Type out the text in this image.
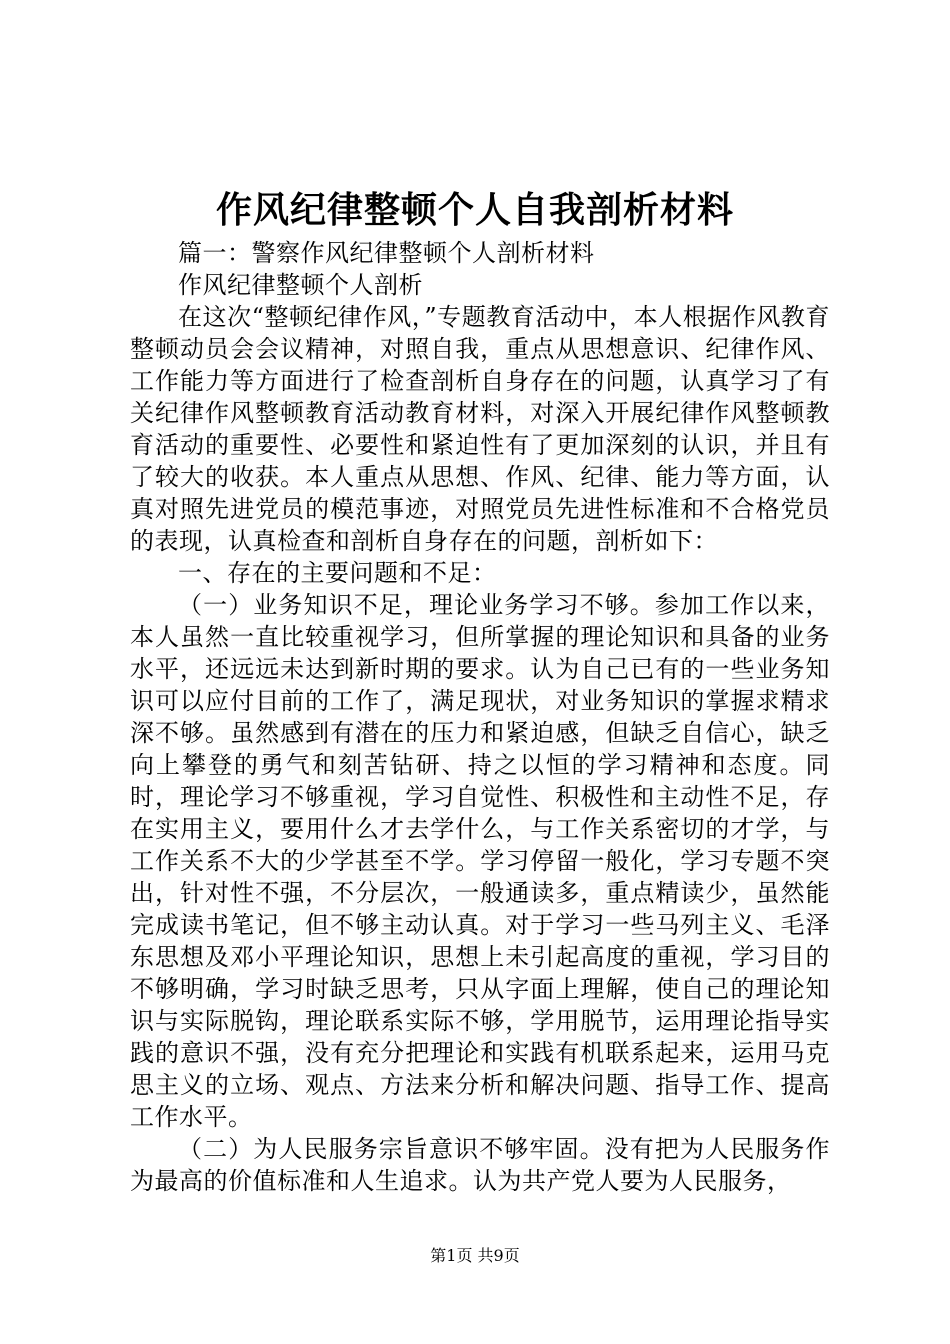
作风纪律整顿个人自我剖析材料

篇一：警察作风纪律整顿个人剖析材料

作风纪律整顿个人剖析

在这次“整顿纪律作风，”专题教育活动中，本人根据作风教育整顿动员会会议精神，对照自我，重点从思想意识、纪律作风、工作能力等方面进行了检查剖析自身存在的问题，认真学习了有关纪律作风整顿教育活动教育材料，对深入开展纪律作风整顿教育活动的重要性、必要性和紧迫性有了更加深刻的认识，并且有了较大的收获。本人重点从思想、作风、纪律、能力等方面，认真对照先进党员的模范事迹，对照党员先进性标准和不合格党员的表现，认真检查和剖析自身存在的问题，剖析如下：

一、存在的主要问题和不足：

（一）业务知识不足，理论业务学习不够。参加工作以来，本人虽然一直比较重视学习，但所掌握的理论知识和具备的业务水平，还远远未达到新时期的要求。认为自己已有的一些业务知识可以应付目前的工作了，满足现状，对业务知识的掌握求精求深不够。虽然感到有潜在的压力和紧迫感，但缺乏自信心，缺乏向上攀登的勇气和刻苦钻研、持之以恒的学习精神和态度。同时，理论学习不够重视，学习自觉性、积极性和主动性不足，存在实用主义，要用什么才去学什么，与工作关系密切的才学，与工作关系不大的少学甚至不学。学习停留一般化，学习专题不突出，针对性不强，不分层次，一般通读多，重点精读少，虽然能完成读书笔记，但不够主动认真。对于学习一些马列主义、毛泽东思想及邓小平理论知识，思想上未引起高度的重视，学习目的不够明确，学习时缺乏思考，只从字面上理解，使自己的理论知识与实际脱钩，理论联系实际不够，学用脱节，运用理论指导实践的意识不强，没有充分把理论和实践有机联系起来，运用马克思主义的立场、观点、方法来分析和解决问题、指导工作、提高工作水平。

（二）为人民服务宗旨意识不够牢固。没有把为人民服务作为最高的价值标准和人生追求。认为共产党人要为人民服务，

第1页 共9页
